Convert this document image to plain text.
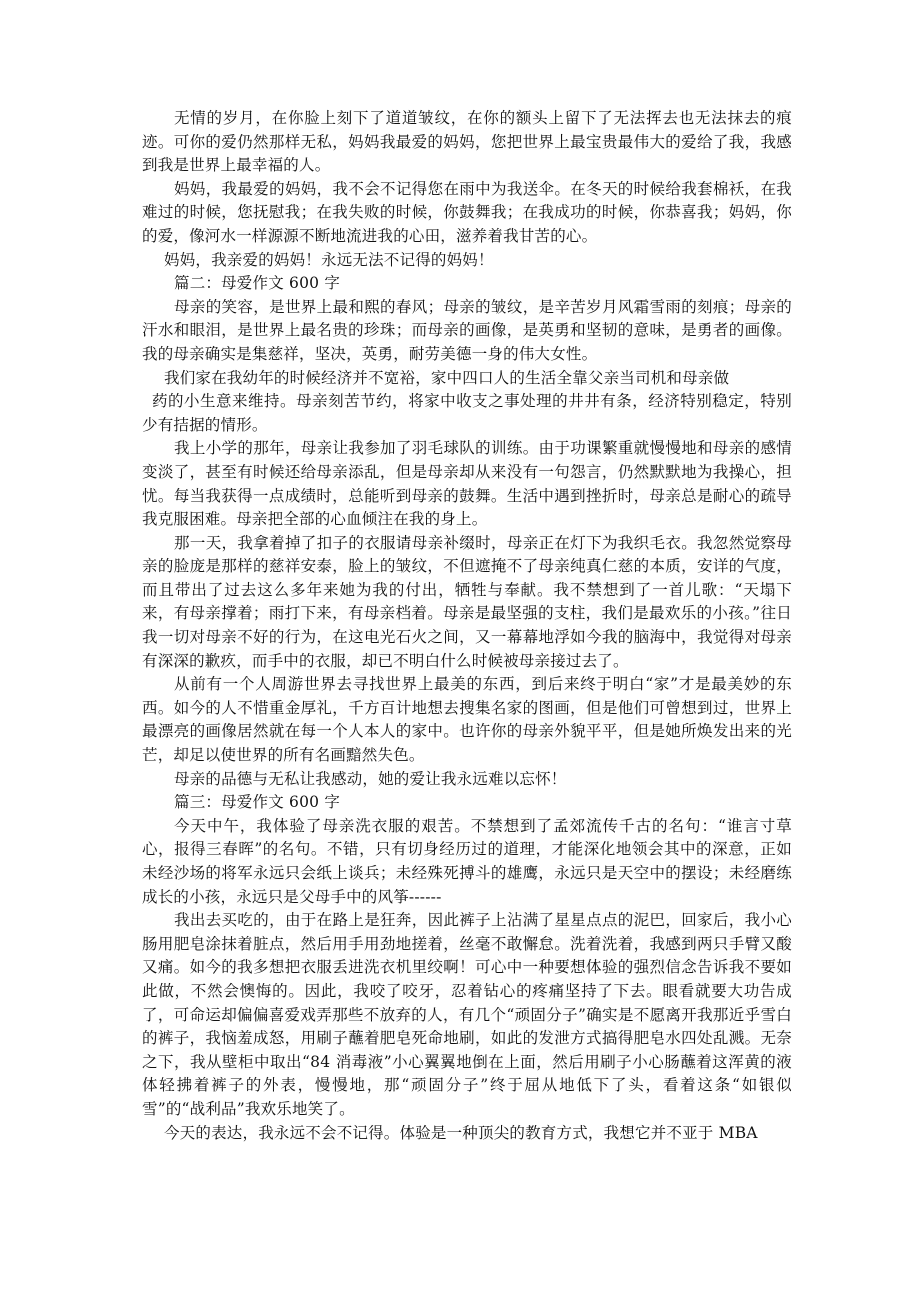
无情的岁月，在你脸上刻下了道道皱纹，在你的额头上留下了无法挥去也无法抹去的痕迹。可你的爱仍然那样无私，妈妈我最爱的妈妈，您把世界上最宝贵最伟大的爱给了我，我感到我是世界上最幸福的人。

妈妈，我最爱的妈妈，我不会不记得您在雨中为我送伞。在冬天的时候给我套棉袄，在我难过的时候，您抚慰我；在我失败的时候，你鼓舞我；在我成功的时候，你恭喜我；妈妈，你的爱，像河水一样源源不断地流进我的心田，滋养着我甘苦的心。

妈妈，我亲爱的妈妈！永远无法不记得的妈妈！

篇二：母爱作文 600 字

母亲的笑容，是世界上最和熙的春风；母亲的皱纹，是辛苦岁月风霜雪雨的刻痕；母亲的汗水和眼泪，是世界上最名贵的珍珠；而母亲的画像，是英勇和坚韧的意味，是勇者的画像。我的母亲确实是集慈祥，坚决，英勇，耐劳美德一身的伟大女性。

我们家在我幼年的时候经济并不宽裕，家中四口人的生活全靠父亲当司机和母亲做

药的小生意来维持。母亲刻苦节约，将家中收支之事处理的井井有条，经济特别稳定，特别少有拮据的情形。

我上小学的那年，母亲让我参加了羽毛球队的训练。由于功课繁重就慢慢地和母亲的感情变淡了，甚至有时候还给母亲添乱，但是母亲却从来没有一句怨言，仍然默默地为我操心，担忧。每当我获得一点成绩时，总能听到母亲的鼓舞。生活中遇到挫折时，母亲总是耐心的疏导我克服困难。母亲把全部的心血倾注在我的身上。

那一天，我拿着掉了扣子的衣服请母亲补缀时，母亲正在灯下为我织毛衣。我忽然觉察母亲的脸庞是那样的慈祥安泰，脸上的皱纹，不但遮掩不了母亲纯真仁慈的本质，安详的气度，而且带出了过去这么多年来她为我的付出，牺牲与奉献。我不禁想到了一首儿歌：“天塌下来，有母亲撑着；雨打下来，有母亲档着。母亲是最坚强的支柱，我们是最欢乐的小孩。”往日我一切对母亲不好的行为，在这电光石火之间，又一幕幕地浮如今我的脑海中，我觉得对母亲有深深的歉疚，而手中的衣服，却已不明白什么时候被母亲接过去了。

从前有一个人周游世界去寻找世界上最美的东西，到后来终于明白“家”才是最美妙的东西。如今的人不惜重金厚礼，千方百计地想去搜集名家的图画，但是他们可曾想到过，世界上最漂亮的画像居然就在每一个人本人的家中。也许你的母亲外貌平平，但是她所焕发出来的光芒，却足以使世界的所有名画黯然失色。

母亲的品德与无私让我感动，她的爱让我永远难以忘怀！

篇三：母爱作文 600 字

今天中午，我体验了母亲洗衣服的艰苦。不禁想到了孟郊流传千古的名句：“谁言寸草心，报得三春晖”的名句。不错，只有切身经历过的道理，才能深化地领会其中的深意，正如未经沙场的将军永远只会纸上谈兵；未经殊死搏斗的雄鹰，永远只是天空中的摆设；未经磨练成长的小孩，永远只是父母手中的风筝------

我出去买吃的，由于在路上是狂奔，因此裤子上沾满了星星点点的泥巴，回家后，我小心肠用肥皂涂抹着脏点，然后用手用劲地搓着，丝毫不敢懈怠。洗着洗着，我感到两只手臂又酸又痛。如今的我多想把衣服丢进洗衣机里绞啊！可心中一种要想体验的强烈信念告诉我不要如此做，不然会懊悔的。因此，我咬了咬牙，忍着钻心的疼痛坚持了下去。眼看就要大功告成了，可命运却偏偏喜爱戏弄那些不放弃的人，有几个“顽固分子”确实是不愿离开我那近乎雪白的裤子，我恼羞成怒，用刷子蘸着肥皂死命地刷，如此的发泄方式搞得肥皂水四处乱溅。无奈之下，我从壁柜中取出“84 消毒液”小心翼翼地倒在上面，然后用刷子小心肠蘸着这浑黄的液体轻拂着裤子的外表，慢慢地，那“顽固分子”终于屈从地低下了头，看着这条“如银似雪”的“战利品”我欢乐地笑了。

今天的表达，我永远不会不记得。体验是一种顶尖的教育方式，我想它并不亚于 MBA
